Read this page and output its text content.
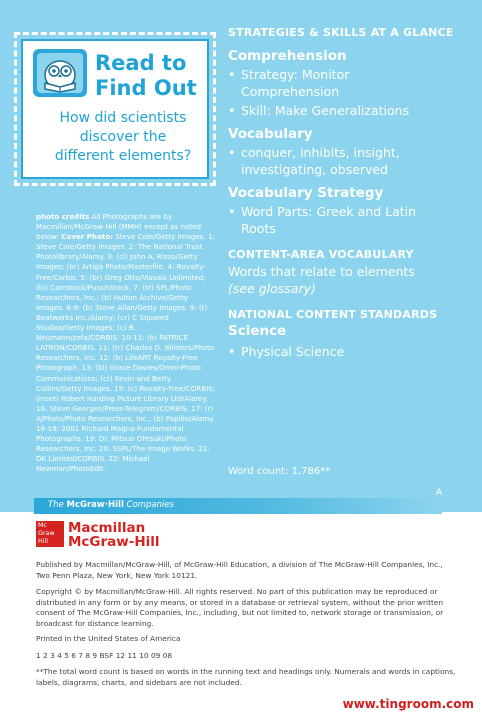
Read to
Find Out
How did scientists
discover the
different elements?
photo credits All Photographs are by Macmillan/McGraw Hill (MMH) except as noted below: Cover Photo: Steve Cole/Getty Images. 1: Steve Cole/Getty Images. 2: The National Trust Photolibrary/Alamy. 3: (cl) John A. Rizzo/Getty Images; (br) Artiga Photo/Masterfile. 4: Royalty-Free/Corbis. 5: (br) Greg Otto/Visuals Unlimited; (bl) Comstock/PunchStock. 7: (tr) SPL/Photo Researchers, Inc.; (b) Hulton Archive/Getty Images. 8-9: (b) Steve Allan/Getty Images. 9: (t) Beatworks Inc./Alamy; (cr) C Squared Studios/Getty Images; (c) B. Neumann/zefa/CORBIS. 10-11: (b) PATRICE LATRON/CORBIS. 11: (tr) Charles D. Winters/Photo Researchers, Inc. 12: (b) LifeART Royalty-Free Photograph. 13: (bl) Grace Davies/Omni-Photo Communications; (cr) Kevin and Betty Collins/Getty Images. 15: (c) Royalty-Free/CORBIS; (inset) Robert Harding Picture Library Ltd/Alamy. 16: Stevn Georges/Press-Telegram/CORBIS. 17: (r) AJPhoto/Photo Researchers, Inc.; (b) Papilio/Alamy. 18-19: 2001 Richard Magna-Fundamental Photographs. 19: Dr. Mitsuo Ohtsuki/Photo Researchers, Inc. 20: SSPL/The Image Works. 21: DK Limited/CORBIS. 22: Michael Newman/PhotoEdit.
STRATEGIES & SKILLS AT A GLANCE
Comprehension
• Strategy: Monitor
Comprehension
• Skill: Make Generalizations
Vocabulary
• conquer, inhibits, insight,
investigating, observed
Vocabulary Strategy
• Word Parts: Greek and Latin
Roots
CONTENT-AREA VOCABULARY
Words that relate to elements
(see glossary)
NATIONAL CONTENT STANDARDS
Science
• Physical Science
Word count: 1,786**
A
The McGraw·Hill Companies
Mc
Graw
Hill
Macmillan
McGraw-Hill
Published by Macmillan/McGraw-Hill, of McGraw-Hill Education, a division of The McGraw-Hill Companies, Inc., Two Penn Plaza, New York, New York 10121.
Copyright © by Macmillan/McGraw-Hill. All rights reserved. No part of this publication may be reproduced or distributed in any form or by any means, or stored in a database or retrieval system, without the prior written consent of The McGraw-Hill Companies, Inc., including, but not limited to, network storage or transmission, or broadcast for distance learning.
Printed in the United States of America
1 2 3 4 5 6 7 8 9 BSF 12 11 10 09 08
**The total word count is based on words in the running text and headings only. Numerals and words in captions, labels, diagrams, charts, and sidebars are not included.
www.tingroom.com
